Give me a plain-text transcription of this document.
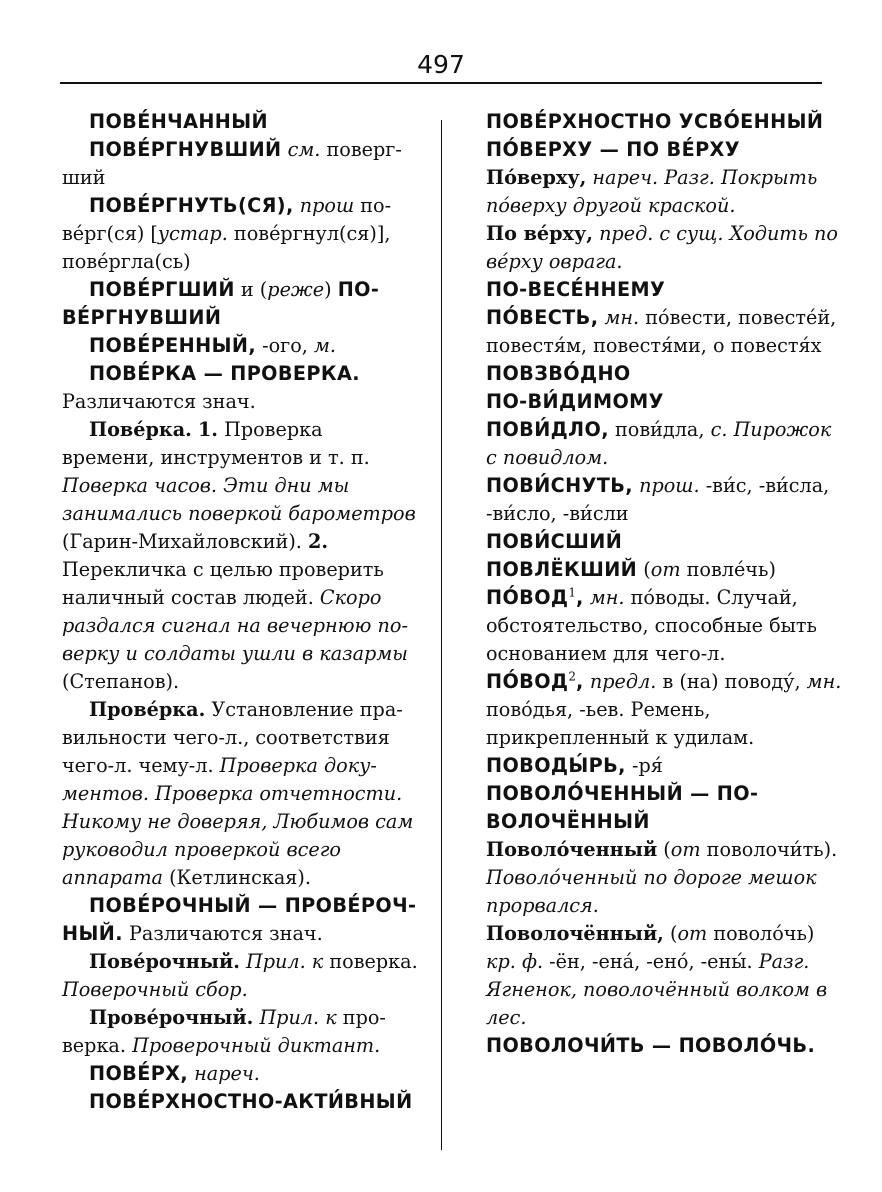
497

ПОВЕ́НЧАННЫЙ

ПОВЕ́РГНУВШИЙ см. повергший

ПОВЕ́РГНУТЬ(СЯ), прош пове́рг(ся) [устар. пове́ргнул(ся)], пове́ргла(сь)

ПОВЕ́РГШИЙ и (реже) ПОВЕ́РГНУВШИЙ

ПОВЕ́РЕННЫЙ, -ого, м.

ПОВЕ́РКА — ПРОВЕРКА. Различаются знач.

Пове́рка. 1. Проверка времени, инструментов и т. п. Поверка часов. Эти дни мы занимались поверкой барометров (Гарин-Михайловский). 2. Перекличка с целью проверить наличный состав людей. Скоро раздался сигнал на вечернюю поверку и солдаты ушли в казармы (Степанов).

Прове́рка. Установление правильности чего-л., соответствия чего-л. чему-л. Проверка документов. Проверка отчетности. Никому не доверяя, Любимов сам руководил проверкой всего аппарата (Кетлинская).

ПОВЕ́РОЧНЫЙ — ПРОВЕ́РОЧНЫЙ. Различаются знач.

Пове́рочный. Прил. к поверка. Поверочный сбор.

Прове́рочный. Прил. к проверка. Проверочный диктант.

ПОВЕ́РХ, нареч.

ПОВЕ́РХНОСТНО-АКТИ́ВНЫЙ

ПОВЕ́РХНОСТНО УСВО́ЕННЫЙ

ПО́ВЕРХУ — ПО ВЕ́РХУ

По́верху, нареч. Разг. Покрыть по́верху другой краской.

По ве́рху, пред. с сущ. Ходить по ве́рху оврага.

ПО-ВЕСЕ́ННЕМУ

ПО́ВЕСТЬ, мн. по́вести, повесте́й, повестя́м, повестя́ми, о повестя́х

ПОВЗВО́ДНО

ПО-ВИ́ДИМОМУ

ПОВИ́ДЛО, пови́дла, с. Пирожок с повидлом.

ПОВИ́СНУТЬ, прош. -ви́с, -ви́сла, -ви́сло, -ви́сли

ПОВИ́СШИЙ

ПОВЛЁКШИЙ (от повле́чь)

ПО́ВОД$^1$, мн. по́воды. Случай, обстоятельство, способные быть основанием для чего-л.

ПО́ВОД$^2$, предл. в (на) поводу́, мн. пово́дья, -ьев. Ремень, прикрепленный к удилам.

ПОВОДЫ́РЬ, -ря́

ПОВОЛО́ЧЕННЫЙ — ПОВОЛОЧЁННЫЙ

Поволо́ченный (от поволочи́ть). Поволо́ченный по дороге мешок прорвался.

Поволочённый, (от поволо́чь) кр. ф. -ён, -ена́, -ено́, -ены́. Разг. Ягненок, поволочённый волком в лес.

ПОВОЛОЧИ́ТЬ — ПОВОЛО́ЧЬ.
